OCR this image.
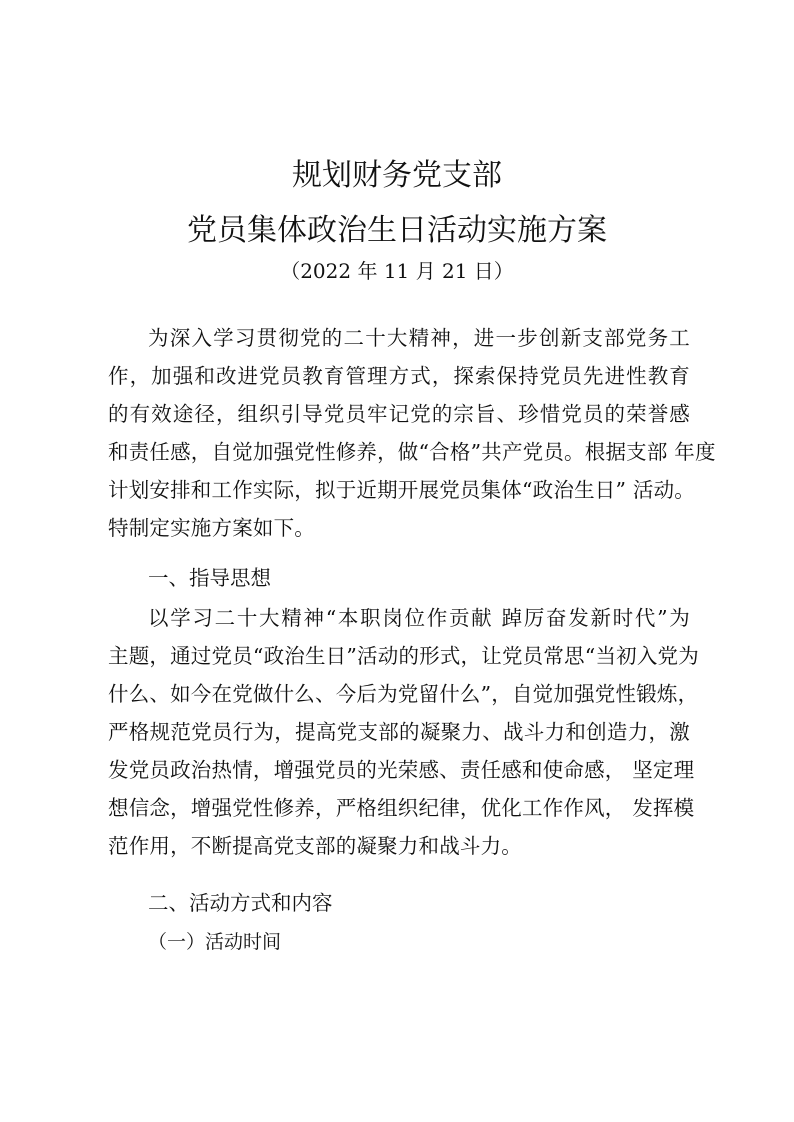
规划财务党支部
党员集体政治生日活动实施方案
（2022 年 11 月 21 日）
为深入学习贯彻党的二十大精神，进一步创新支部党务工
作，加强和改进党员教育管理方式，探索保持党员先进性教育
的有效途径，组织引导党员牢记党的宗旨、珍惜党员的荣誉感
和责任感，自觉加强党性修养，做“合格”共产党员。根据支部 年度
计划安排和工作实际，拟于近期开展党员集体“政治生日” 活动。
特制定实施方案如下。
一、指导思想
以学习二十大精神“本职岗位作贡献 踔厉奋发新时代”为
主题，通过党员“政治生日”活动的形式，让党员常思“当初入党为
什么、如今在党做什么、今后为党留什么”，自觉加强党性锻炼，
严格规范党员行为，提高党支部的凝聚力、战斗力和创造力，激
发党员政治热情，增强党员的光荣感、责任感和使命感， 坚定理
想信念，增强党性修养，严格组织纪律，优化工作作风， 发挥模
范作用，不断提高党支部的凝聚力和战斗力。
二、活动方式和内容
（一）活动时间
